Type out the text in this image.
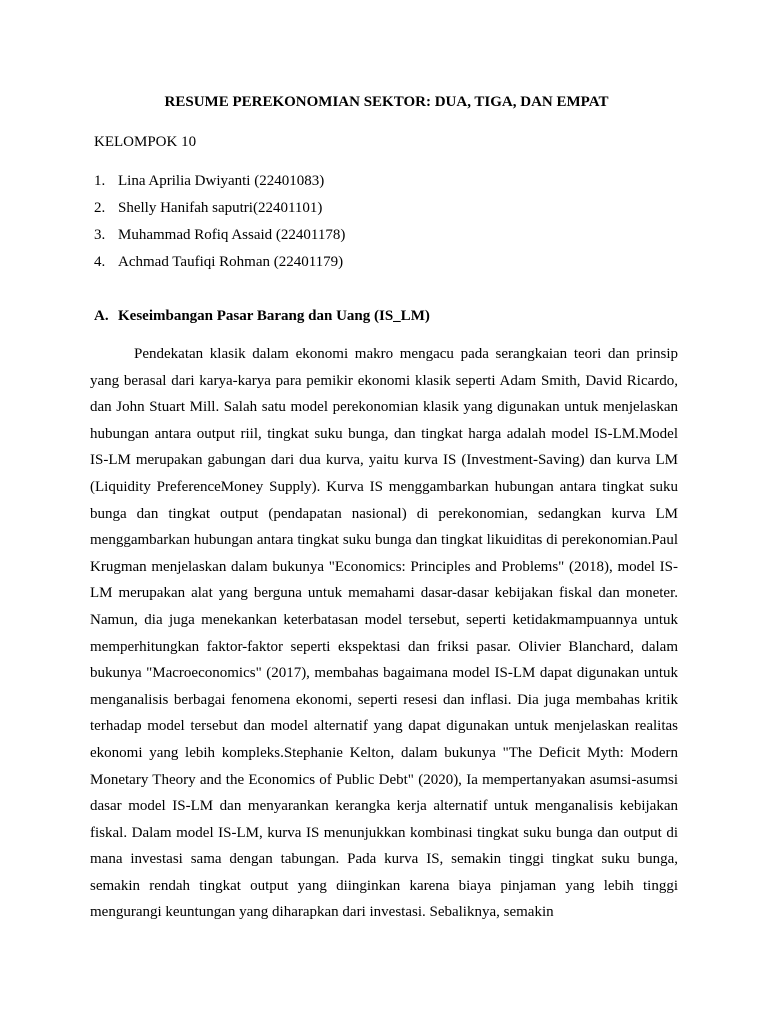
RESUME PEREKONOMIAN SEKTOR: DUA, TIGA, DAN EMPAT

KELOMPOK 10

1. Lina Aprilia Dwiyanti (22401083)
2. Shelly Hanifah saputri(22401101)
3. Muhammad Rofiq Assaid (22401178)
4. Achmad Taufiqi Rohman (22401179)
A. Keseimbangan Pasar Barang dan Uang (IS_LM)

Pendekatan klasik dalam ekonomi makro mengacu pada serangkaian teori dan prinsip yang berasal dari karya-karya para pemikir ekonomi klasik seperti Adam Smith, David Ricardo, dan John Stuart Mill. Salah satu model perekonomian klasik yang digunakan untuk menjelaskan hubungan antara output riil, tingkat suku bunga, dan tingkat harga adalah model IS-LM.Model IS-LM merupakan gabungan dari dua kurva, yaitu kurva IS (Investment-Saving) dan kurva LM (Liquidity PreferenceMoney Supply). Kurva IS menggambarkan hubungan antara tingkat suku bunga dan tingkat output (pendapatan nasional) di perekonomian, sedangkan kurva LM menggambarkan hubungan antara tingkat suku bunga dan tingkat likuiditas di perekonomian.Paul Krugman menjelaskan dalam bukunya "Economics: Principles and Problems" (2018), model IS-LM merupakan alat yang berguna untuk memahami dasar-dasar kebijakan fiskal dan moneter. Namun, dia juga menekankan keterbatasan model tersebut, seperti ketidakmampuannya untuk memperhitungkan faktor-faktor seperti ekspektasi dan friksi pasar. Olivier Blanchard, dalam bukunya "Macroeconomics" (2017), membahas bagaimana model IS-LM dapat digunakan untuk menganalisis berbagai fenomena ekonomi, seperti resesi dan inflasi. Dia juga membahas kritik terhadap model tersebut dan model alternatif yang dapat digunakan untuk menjelaskan realitas ekonomi yang lebih kompleks.Stephanie Kelton, dalam bukunya "The Deficit Myth: Modern Monetary Theory and the Economics of Public Debt" (2020), Ia mempertanyakan asumsi-asumsi dasar model IS-LM dan menyarankan kerangka kerja alternatif untuk menganalisis kebijakan fiskal. Dalam model IS-LM, kurva IS menunjukkan kombinasi tingkat suku bunga dan output di mana investasi sama dengan tabungan. Pada kurva IS, semakin tinggi tingkat suku bunga, semakin rendah tingkat output yang diinginkan karena biaya pinjaman yang lebih tinggi mengurangi keuntungan yang diharapkan dari investasi. Sebaliknya, semakin
